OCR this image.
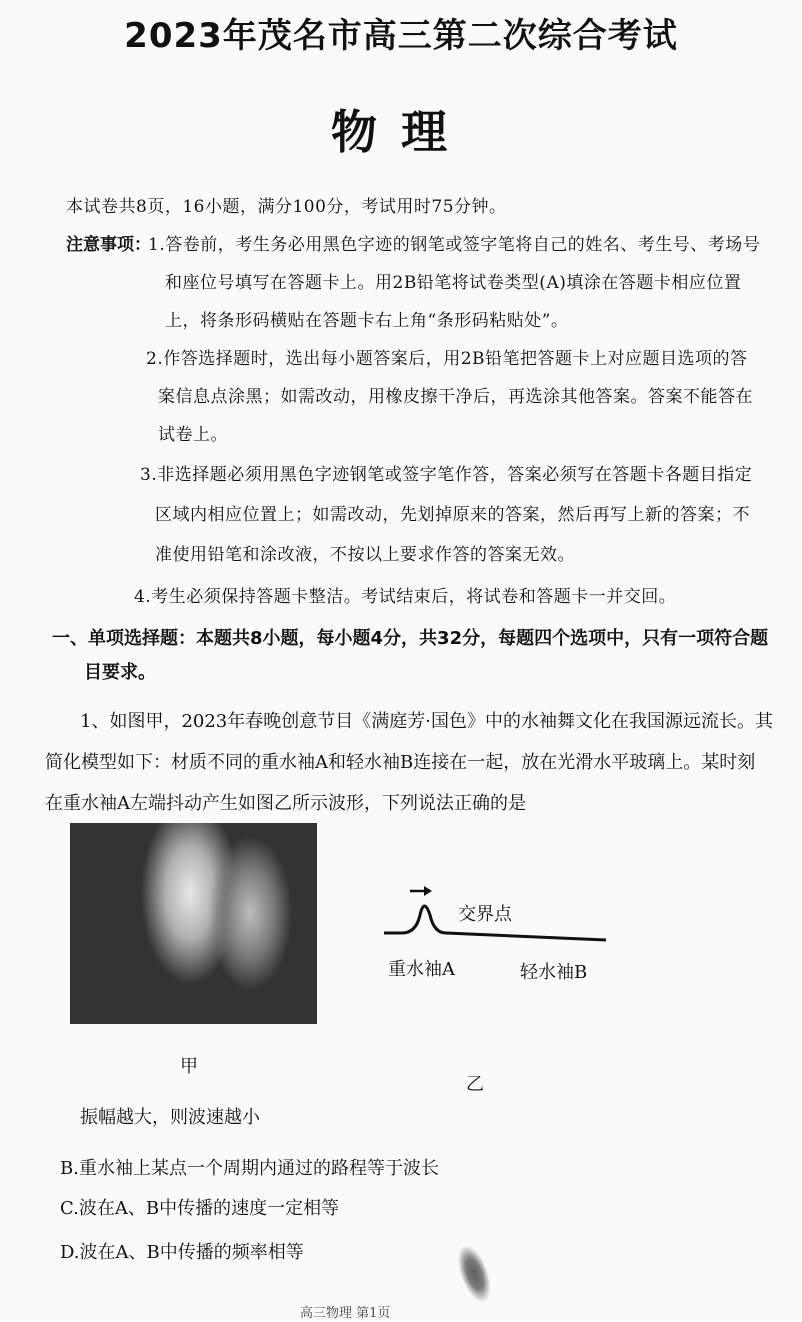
2023年茂名市高三第二次综合考试
物理
本试卷共8页，16小题，满分100分，考试用时75分钟。
注意事项：
1.答卷前，考生务必用黑色字迹的钢笔或签字笔将自己的姓名、考生号、考场号
和座位号填写在答题卡上。用2B铅笔将试卷类型(A)填涂在答题卡相应位置
上，将条形码横贴在答题卡右上角“条形码粘贴处”。
2.作答选择题时，选出每小题答案后，用2B铅笔把答题卡上对应题目选项的答
案信息点涂黑；如需改动，用橡皮擦干净后，再选涂其他答案。答案不能答在
试卷上。
3.非选择题必须用黑色字迹钢笔或签字笔作答，答案必须写在答题卡各题目指定
区域内相应位置上；如需改动，先划掉原来的答案，然后再写上新的答案；不
准使用铅笔和涂改液，不按以上要求作答的答案无效。
4.考生必须保持答题卡整洁。考试结束后，将试卷和答题卡一并交回。
一、单项选择题：本题共8小题，每小题4分，共32分，每题四个选项中，只有一项符合题
目要求。
1、如图甲，2023年春晚创意节目《满庭芳·国色》中的水袖舞文化在我国源远流长。其
简化模型如下：材质不同的重水袖A和轻水袖B连接在一起，放在光滑水平玻璃上。某时刻
在重水袖A左端抖动产生如图乙所示波形，下列说法正确的是
甲
交界点
重水袖A	轻水袖B
乙
振幅越大，则波速越小
B.重水袖上某点一个周期内通过的路程等于波长
C.波在A、B中传播的速度一定相等
D.波在A、B中传播的频率相等
高三物理 第1页
